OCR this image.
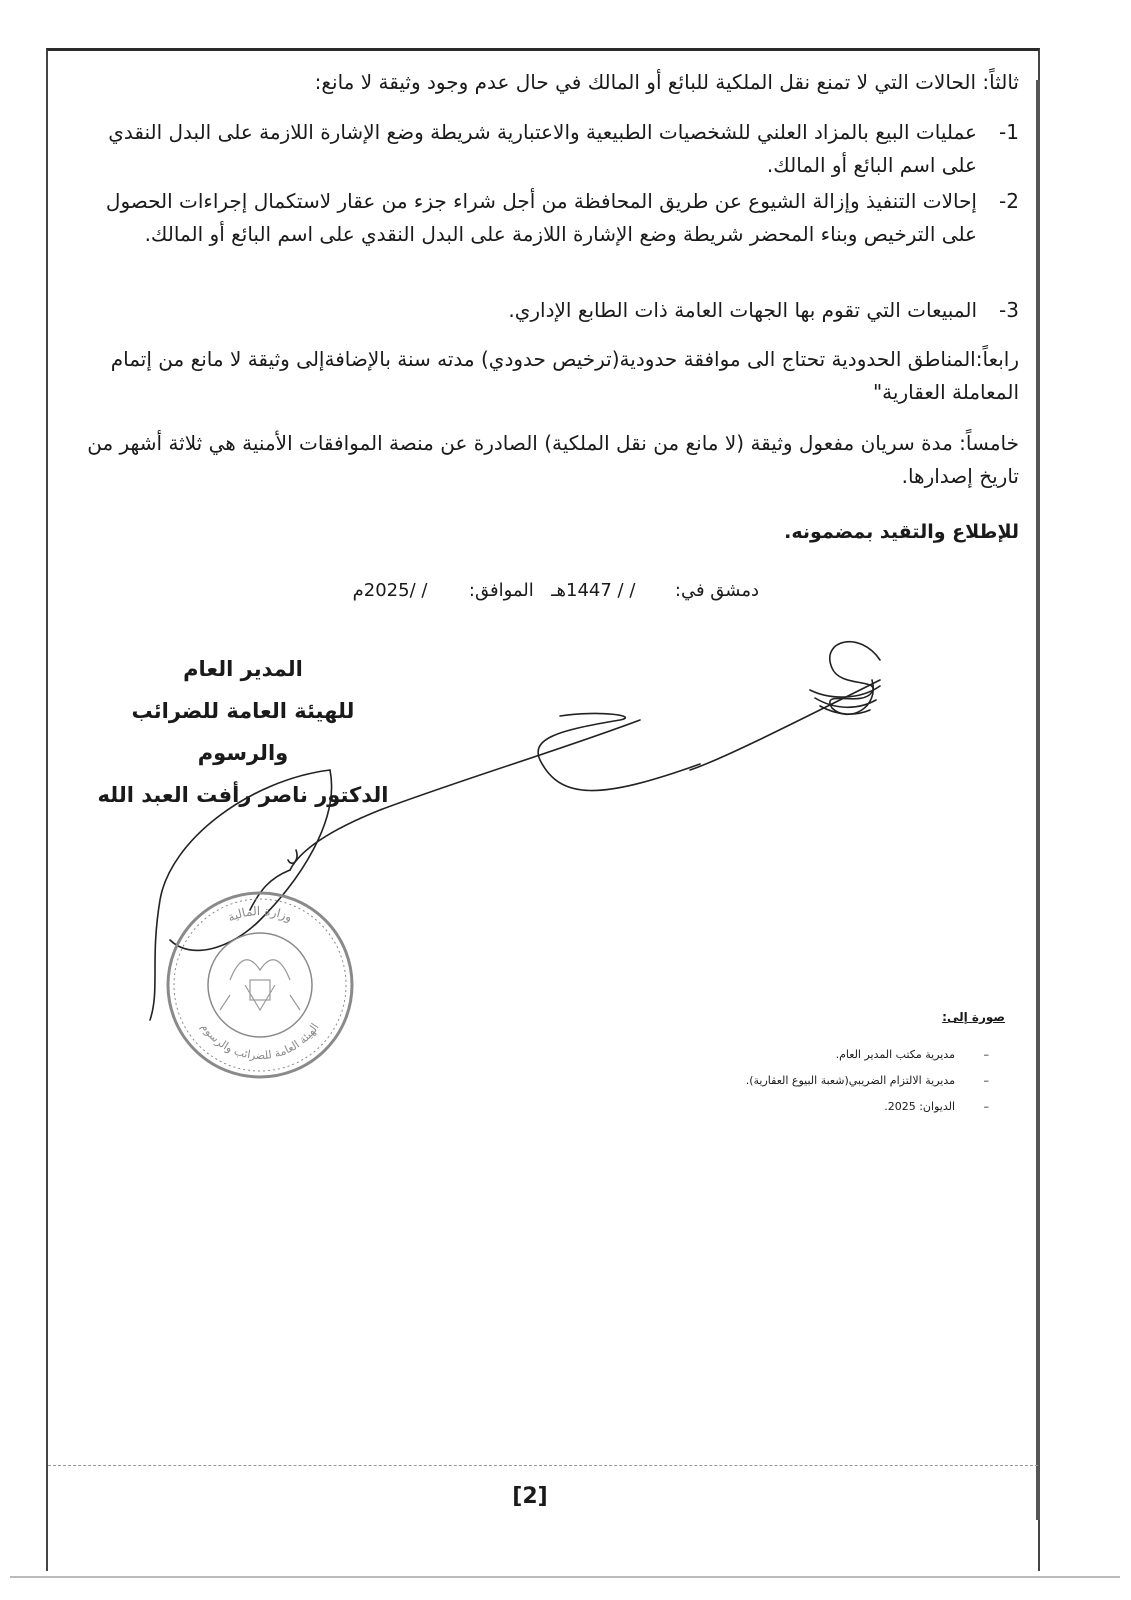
ثالثاً: الحالات التي لا تمنع نقل الملكية للبائع أو المالك في حال عدم وجود وثيقة لا مانع:
1-
عمليات البيع بالمزاد العلني للشخصيات الطبيعية والاعتبارية شريطة وضع الإشارة اللازمة على البدل النقدي على اسم البائع أو المالك.
2-
إحالات التنفيذ وإزالة الشيوع عن طريق المحافظة من أجل شراء جزء من عقار لاستكمال إجراءات الحصول على الترخيص وبناء المحضر شريطة وضع الإشارة اللازمة على البدل النقدي على اسم البائع أو المالك.
3-
المبيعات التي تقوم بها الجهات العامة ذات الطابع الإداري.
رابعاً:المناطق الحدودية تحتاج الى موافقة حدودية(ترخيص حدودي) مدته سنة بالإضافةإلى وثيقة لا مانع من إتمام المعاملة العقارية"
خامساً: مدة سريان مفعول وثيقة (لا مانع من نقل الملكية) الصادرة عن منصة الموافقات الأمنية هي ثلاثة أشهر من تاريخ إصدارها.
للإطلاع والتقيد بمضمونه.
دمشق في:  / / 1447هـ  الموافق:  / /2025م
المدير العام
للهيئة العامة للضرائب والرسوم
الدكتور ناصر رأفت العبد الله
وزارة المالية
الهيئة العامة للضرائب والرسوم
صورة إلى:
–
مديرية مكتب المدير العام.
–
مديرية الالتزام الضريبي(شعبة البيوع العقارية).
–
الديوان: 2025.
[2]
